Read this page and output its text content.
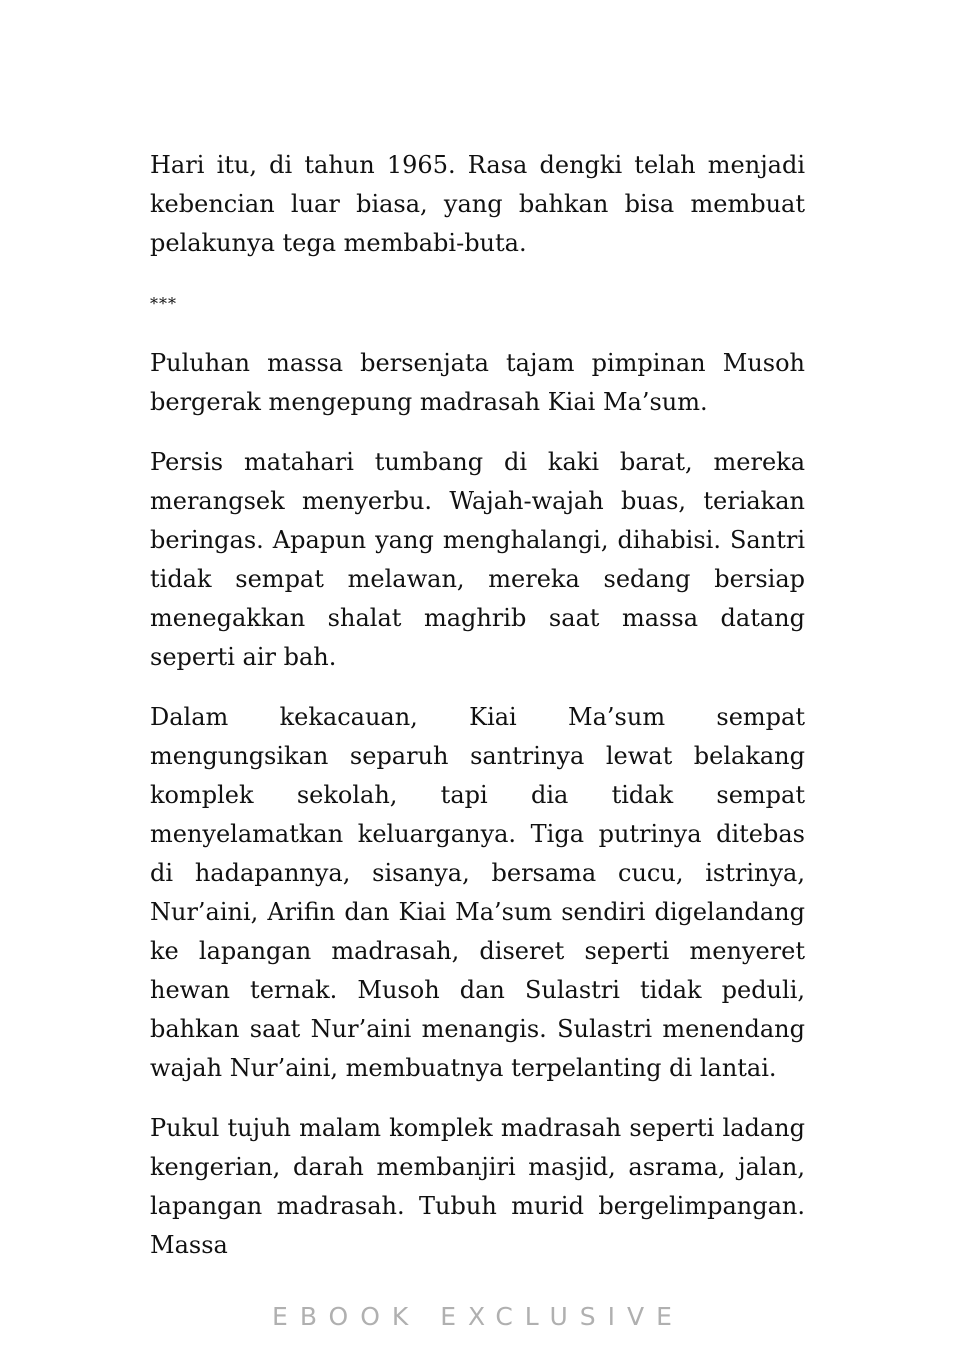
Hari itu, di tahun 1965. Rasa dengki telah menjadi kebencian luar biasa, yang bahkan bisa membuat pelakunya tega membabi-buta.

***

Puluhan massa bersenjata tajam pimpinan Musoh bergerak mengepung madrasah Kiai Ma’sum.

Persis matahari tumbang di kaki barat, mereka merangsek menyerbu. Wajah-wajah buas, teriakan beringas. Apapun yang menghalangi, dihabisi. Santri tidak sempat melawan, mereka sedang bersiap menegakkan shalat maghrib saat massa datang seperti air bah.

Dalam kekacauan, Kiai Ma’sum sempat mengungsikan separuh santrinya lewat belakang komplek sekolah, tapi dia tidak sempat menyelamatkan keluarganya. Tiga putrinya ditebas di hadapannya, sisanya, bersama cucu, istrinya, Nur’aini, Arifin dan Kiai Ma’sum sendiri digelandang ke lapangan madrasah, diseret seperti menyeret hewan ternak. Musoh dan Sulastri tidak peduli, bahkan saat Nur’aini menangis. Sulastri menendang wajah Nur’aini, membuatnya terpelanting di lantai.

Pukul tujuh malam komplek madrasah seperti ladang kengerian, darah membanjiri masjid, asrama, jalan, lapangan madrasah. Tubuh murid bergelimpangan. Massa

EBOOK EXCLUSIVE
